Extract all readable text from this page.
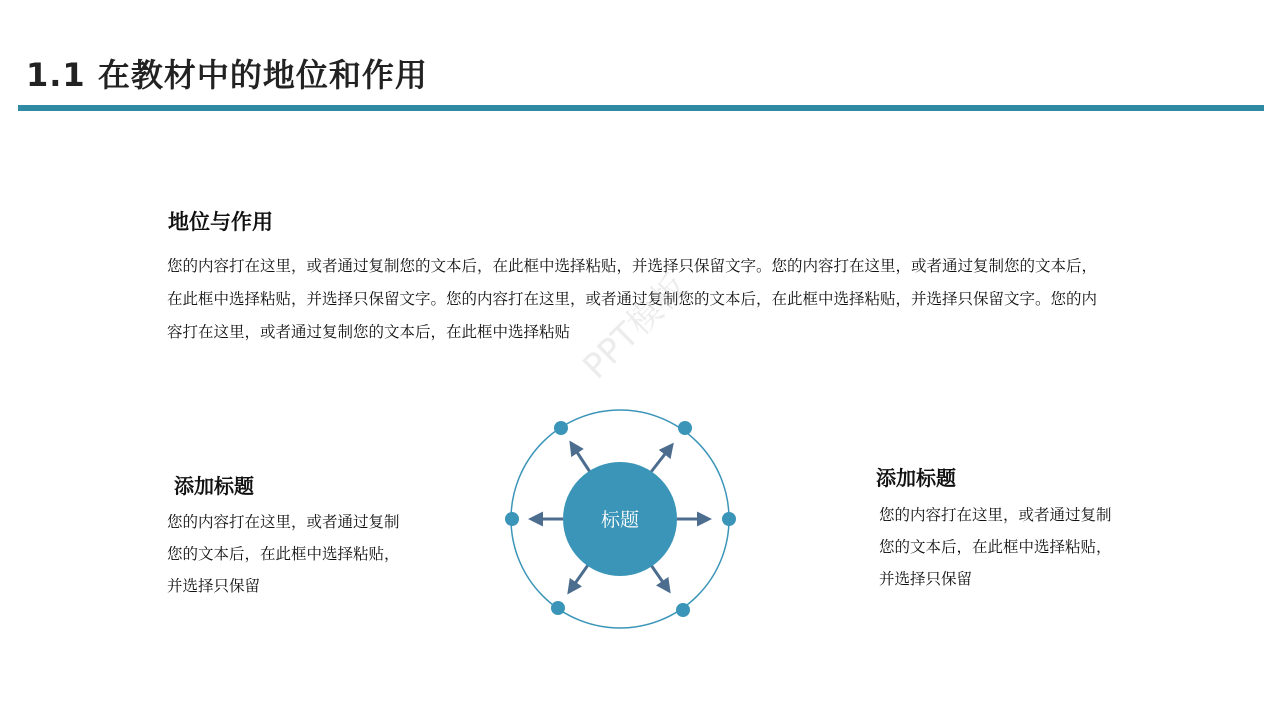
1.1 在教材中的地位和作用
地位与作用
您的内容打在这里，或者通过复制您的文本后，在此框中选择粘贴，并选择只保留文字。您的内容打在这里，或者通过复制您的文本后，在此框中选择粘贴，并选择只保留文字。您的内容打在这里，或者通过复制您的文本后，在此框中选择粘贴，并选择只保留文字。您的内容打在这里，或者通过复制您的文本后，在此框中选择粘贴 PPT模板
添加标题
您的内容打在这里，或者通过复制您的文本后，在此框中选择粘贴，并选择只保留
添加标题
您的内容打在这里，或者通过复制您的文本后，在此框中选择粘贴，并选择只保留
标题
